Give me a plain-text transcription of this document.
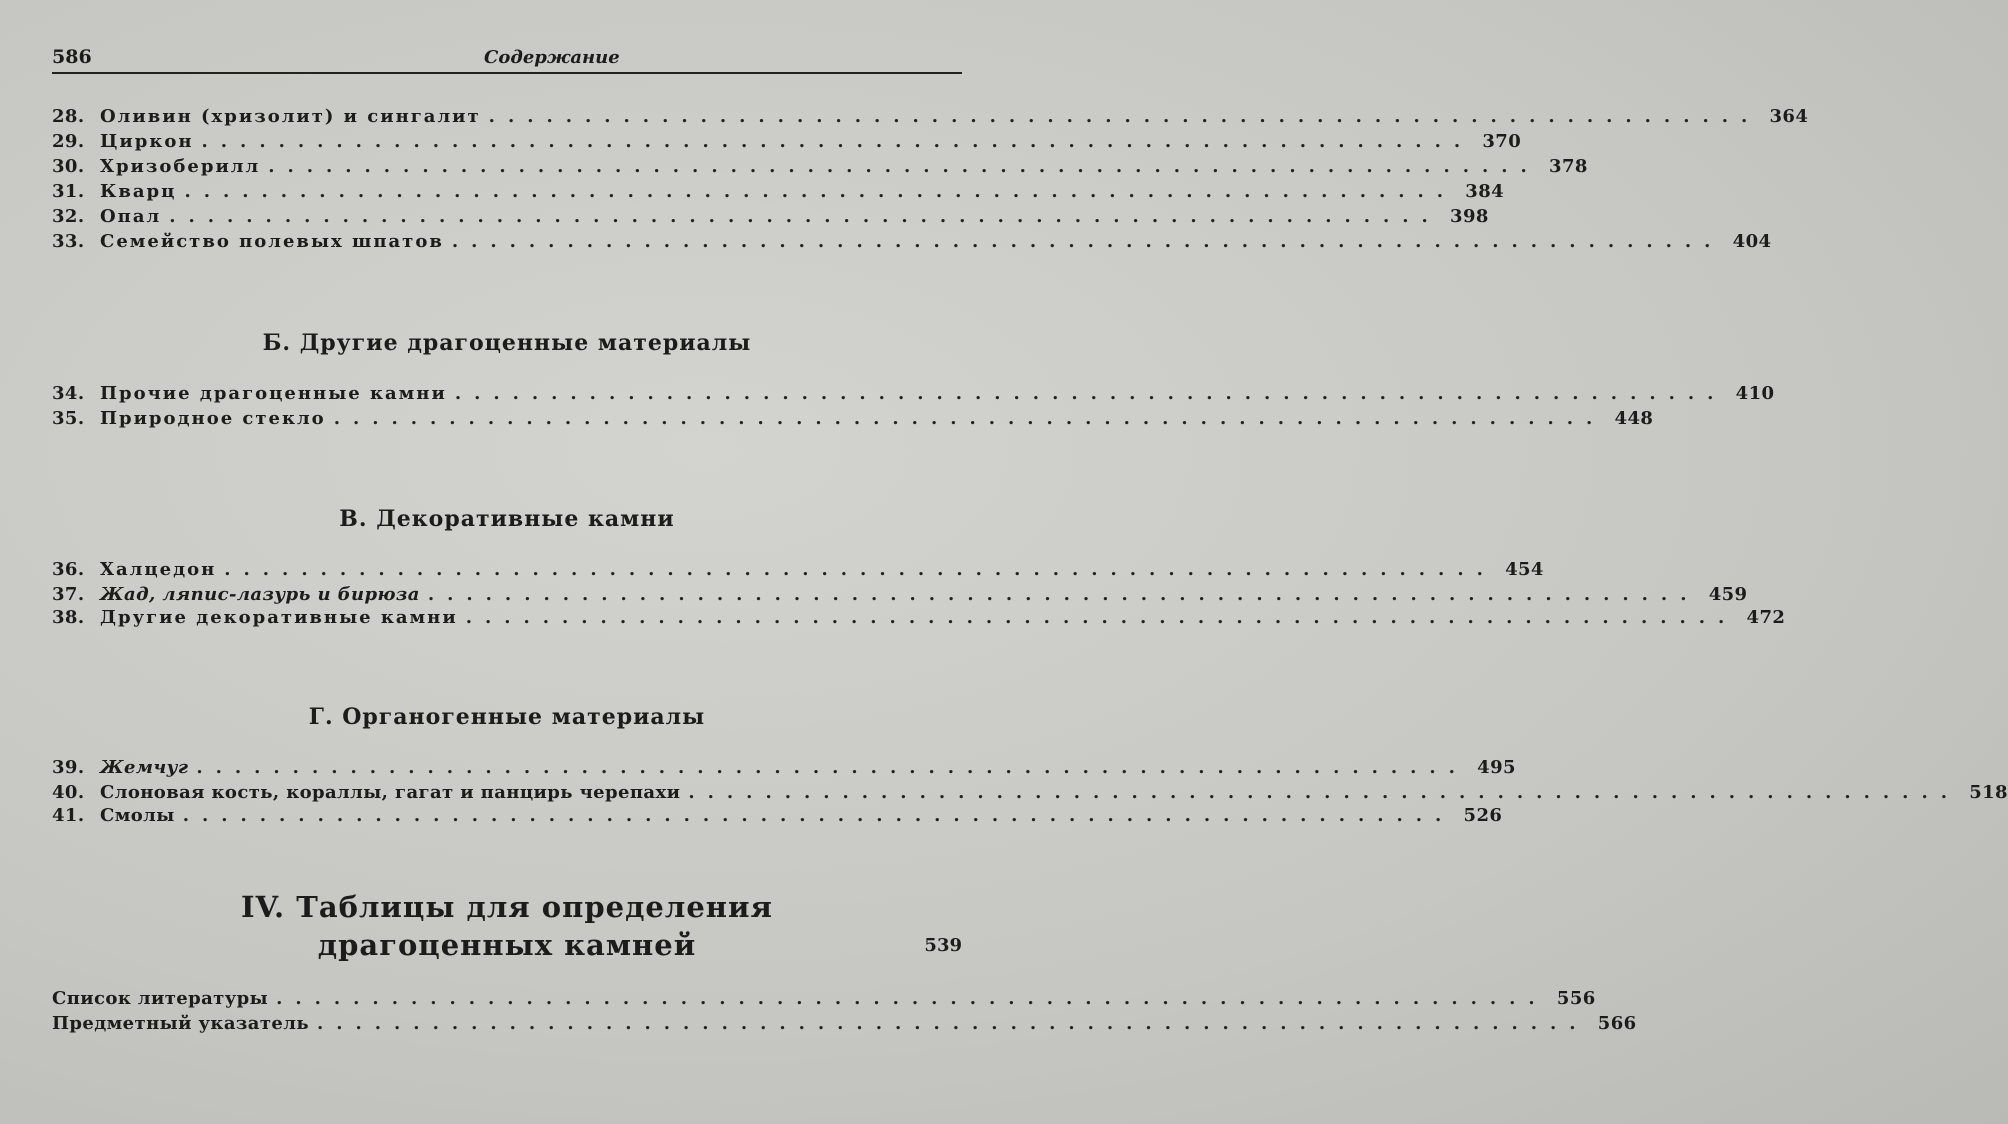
586	Содержание
28. Оливин (хризолит) и сингалит .................................................................. 364
29. Циркон .................................................................. 370
30. Хризоберилл .................................................................. 378
31. Кварц .................................................................. 384
32. Опал .................................................................. 398
33. Семейство полевых шпатов .................................................................. 404
Б. Другие драгоценные материалы
34. Прочие драгоценные камни .................................................................. 410
35. Природное стекло .................................................................. 448
В. Декоративные камни
36. Халцедон .................................................................. 454
37. Жад, ляпис-лазурь и бирюза .................................................................. 459
38. Другие декоративные камни .................................................................. 472
Г. Органогенные материалы
39. Жемчуг .................................................................. 495
40. Слоновая кость, кораллы, гагат и панцирь черепахи .................................................................. 518
41. Смолы .................................................................. 526
IV. Таблицы для определения
драгоценных камней	539
Список литературы .................................................................. 556
Предметный указатель .................................................................. 566
